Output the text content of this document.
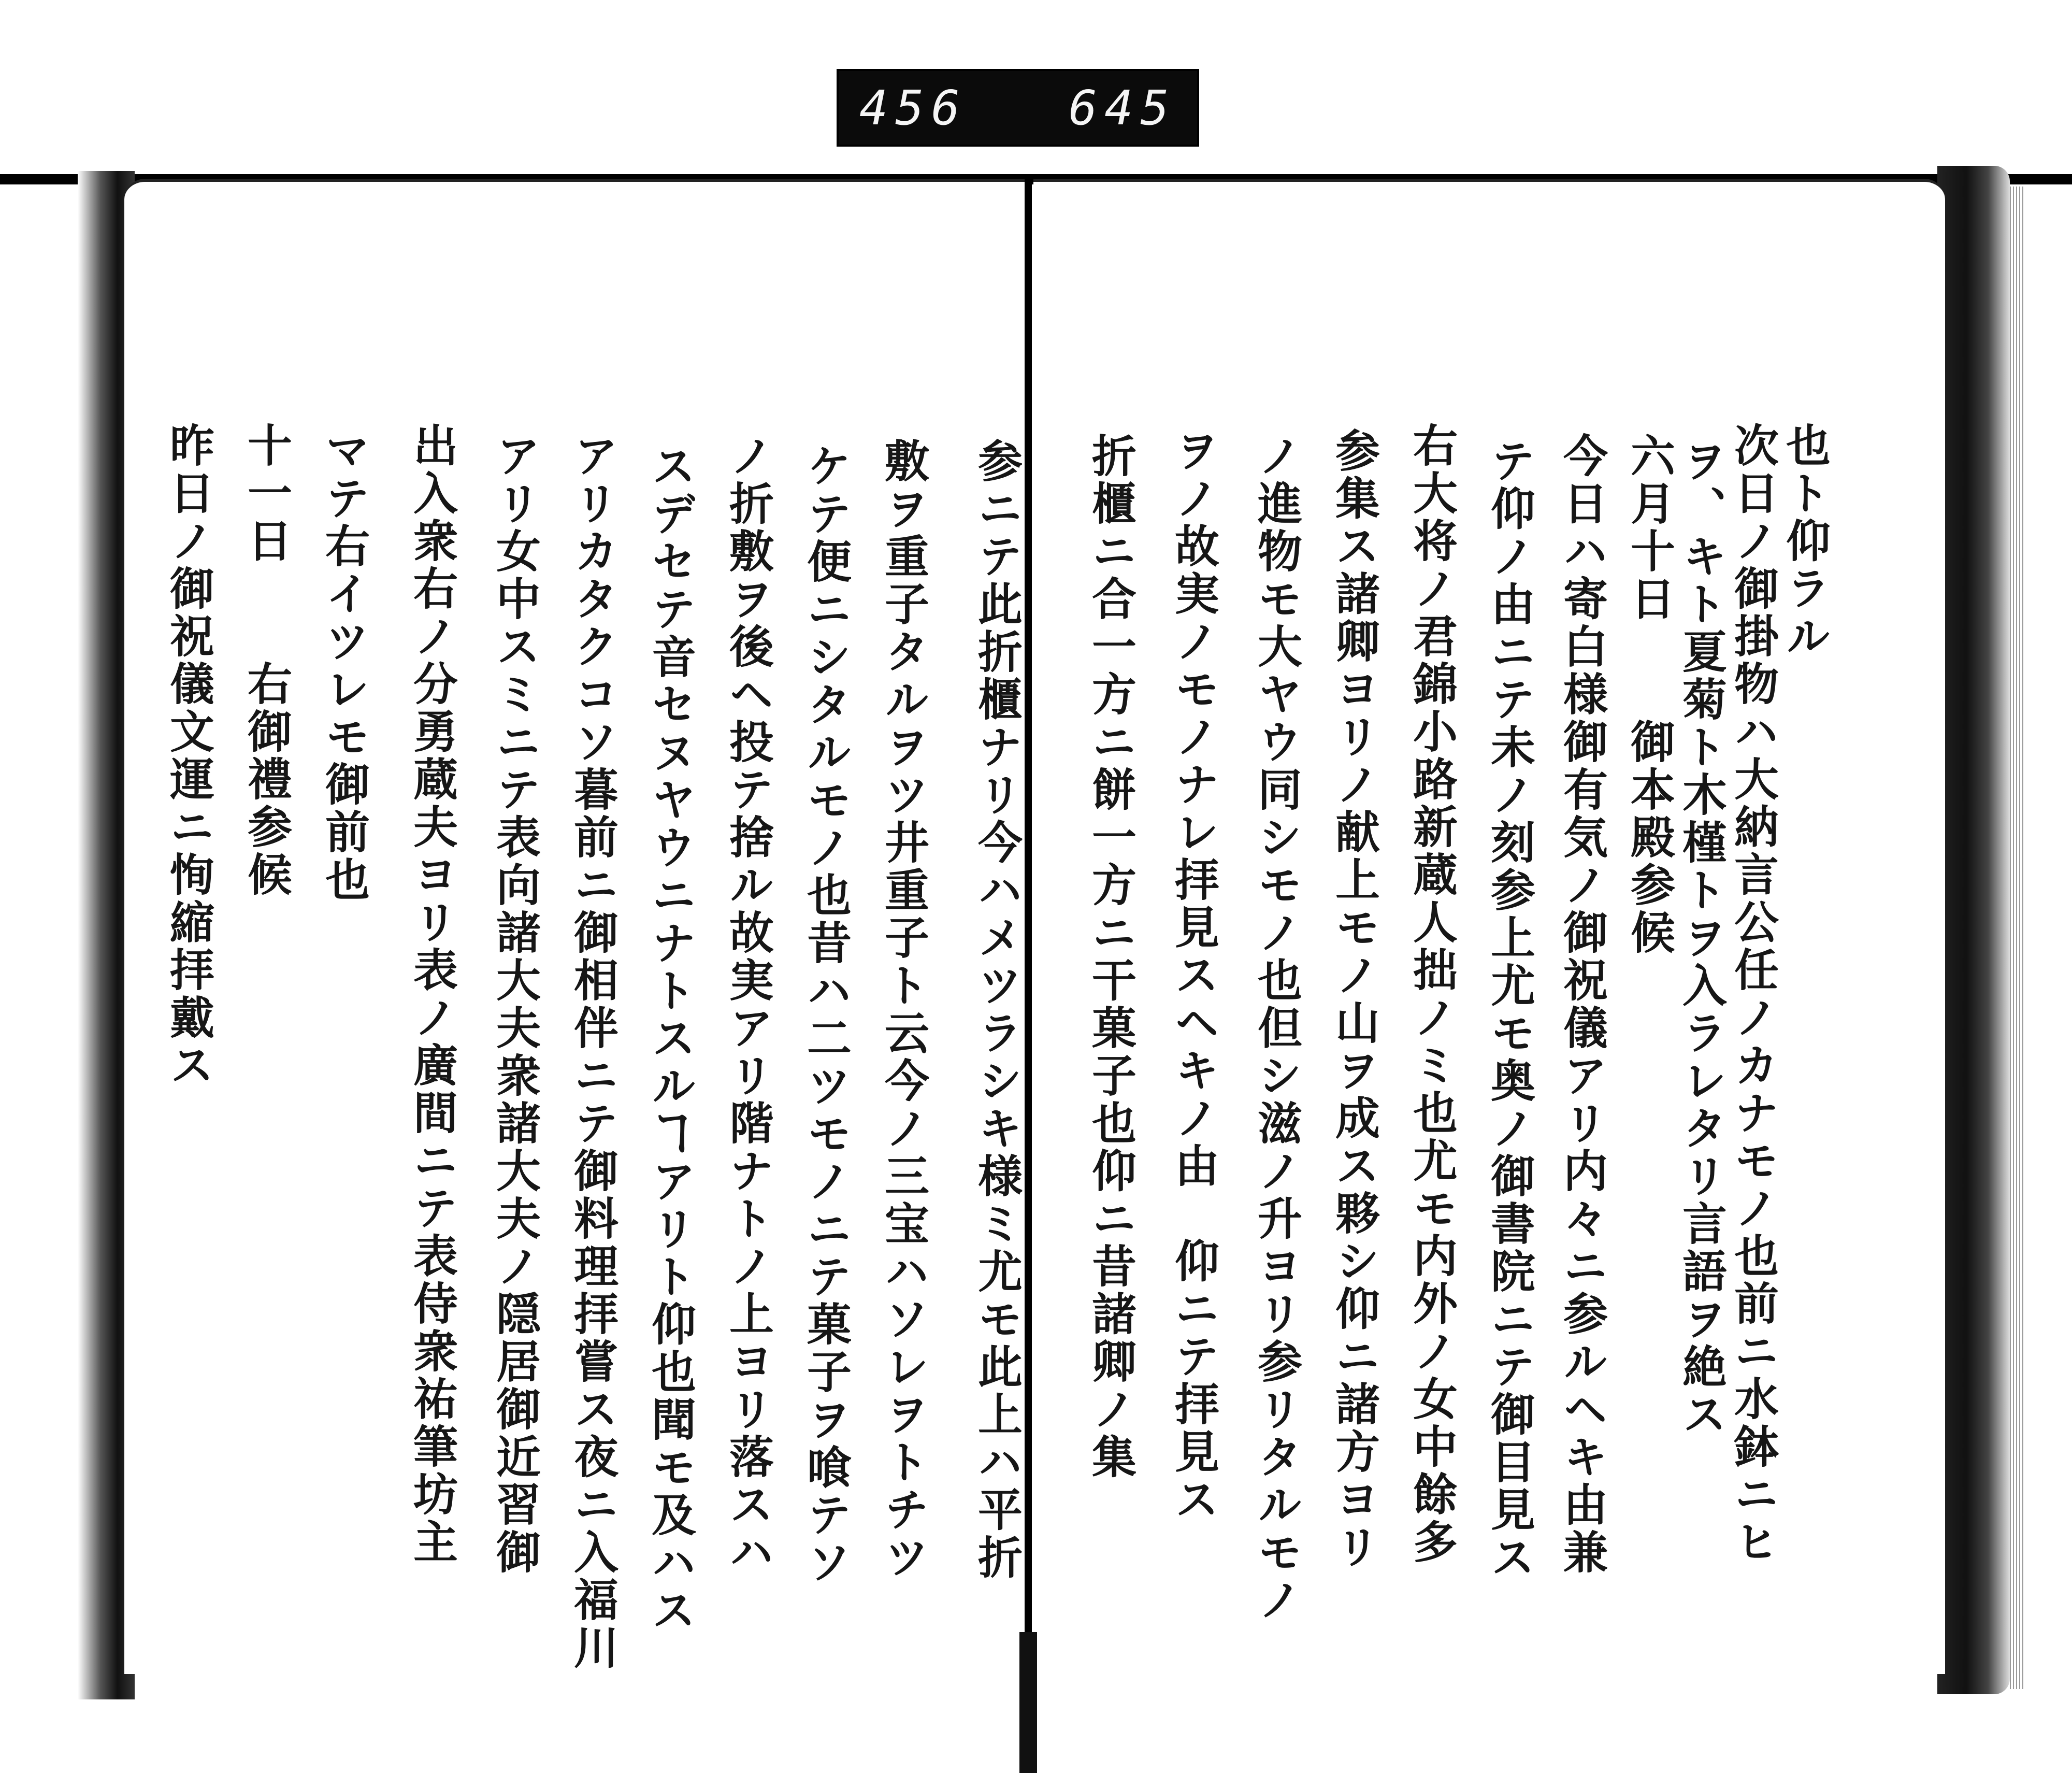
456 645
也ト仰ラル
次日ノ御掛物ハ大納言公任ノカナモノ也前ニ水鉢ニヒ
ヲ、キト夏菊ト木槿トヲ入ラレタリ言語ヲ絶ス
六月十日　　御本殿参候
今日ハ寄白様御有気ノ御祝儀アリ内々ニ参ルヘキ由兼
テ仰ノ由ニテ未ノ刻参上尤モ奥ノ御書院ニテ御目見ス
右大将ノ君錦小路新蔵人拙ノミ也尤モ内外ノ女中餘多
参集ス諸卿ヨリノ献上モノ山ヲ成ス夥シ仰ニ諸方ヨリ
ノ進物モ大ヤウ同シモノ也但シ滋ノ升ヨリ参リタルモノ
ヲノ故実ノモノナレ拝見スヘキノ由　仰ニテ拝見ス
折櫃ニ合一方ニ餅一方ニ干菓子也仰ニ昔諸卿ノ集
参ニテ此折櫃ナリ今ハメツラシキ様ミ尤モ此上ハ平折
敷ヲ重子タルヲツ井重子ト云今ノ三宝ハソレヲトチツ
ケテ便ニシタルモノ也昔ハ二ツモノニテ菓子ヲ喰テソ
ノ折敷ヲ後ヘ投テ捨ル故実アリ階ナトノ上ヨリ落スハ
スデセテ音セヌヤウニナトスルヿアリト仰也聞モ及ハス
アリカタクコソ暮前ニ御相伴ニテ御料理拝嘗ス夜ニ入福川
アリ女中スミニテ表向諸大夫衆諸大夫ノ隠居御近習御
出入衆右ノ分勇蔵夫ヨリ表ノ廣間ニテ表侍衆祐筆坊主
マテ右イツレモ御前也
十一日　　右御禮参候
昨日ノ御祝儀文運ニ恂縮拝戴ス
